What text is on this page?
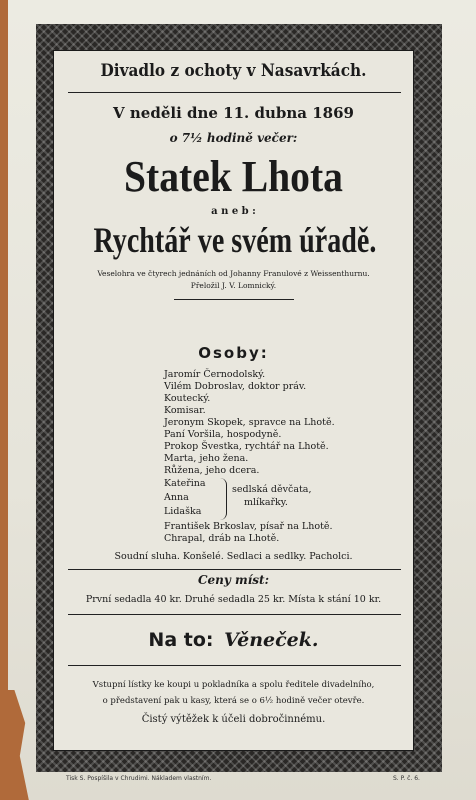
Divadlo z ochoty v Nasavrkách.
V neděli dne 11. dubna 1869
o 7½ hodině večer:
Statek Lhota
a n e b :
Rychtář ve svém úřadě.
Veselohra ve čtyrech jednáních od Johanny Franulové z Weissenthurnu.
Přeložil J. V. Lomnický.
Osoby:
Jaromír Černodolský.
Vilém Dobroslav, doktor práv.
Koutecký.
Komisar.
Jeronym Skopek, spravce na Lhotě.
Paní Voršila, hospodyně.
Prokop Švestka, rychtář na Lhotě.
Marta, jeho žena.
Růžena, jeho dcera.
Kateřina
Anna
Lidaška
sedlská děvčata,
mlíkařky.
František Brkoslav, písař na Lhotě.
Chrapal, dráb na Lhotě.
Soudní sluha. Konšelé. Sedlaci a sedlky. Pacholci.
Ceny míst:
První sedadla 40 kr. Druhé sedadla 25 kr. Místa k stání 10 kr.
Na to: Věneček.
Vstupní lístky ke koupi u pokladníka a spolu ředitele divadelního,
o představení pak u kasy, která se o 6½ hodině večer otevře.
Čistý výtěžek k účeli dobročinnému.
Tisk S. Pospíšila v Chrudimi. Nákladem vlastním.	S. P. č. 6.
